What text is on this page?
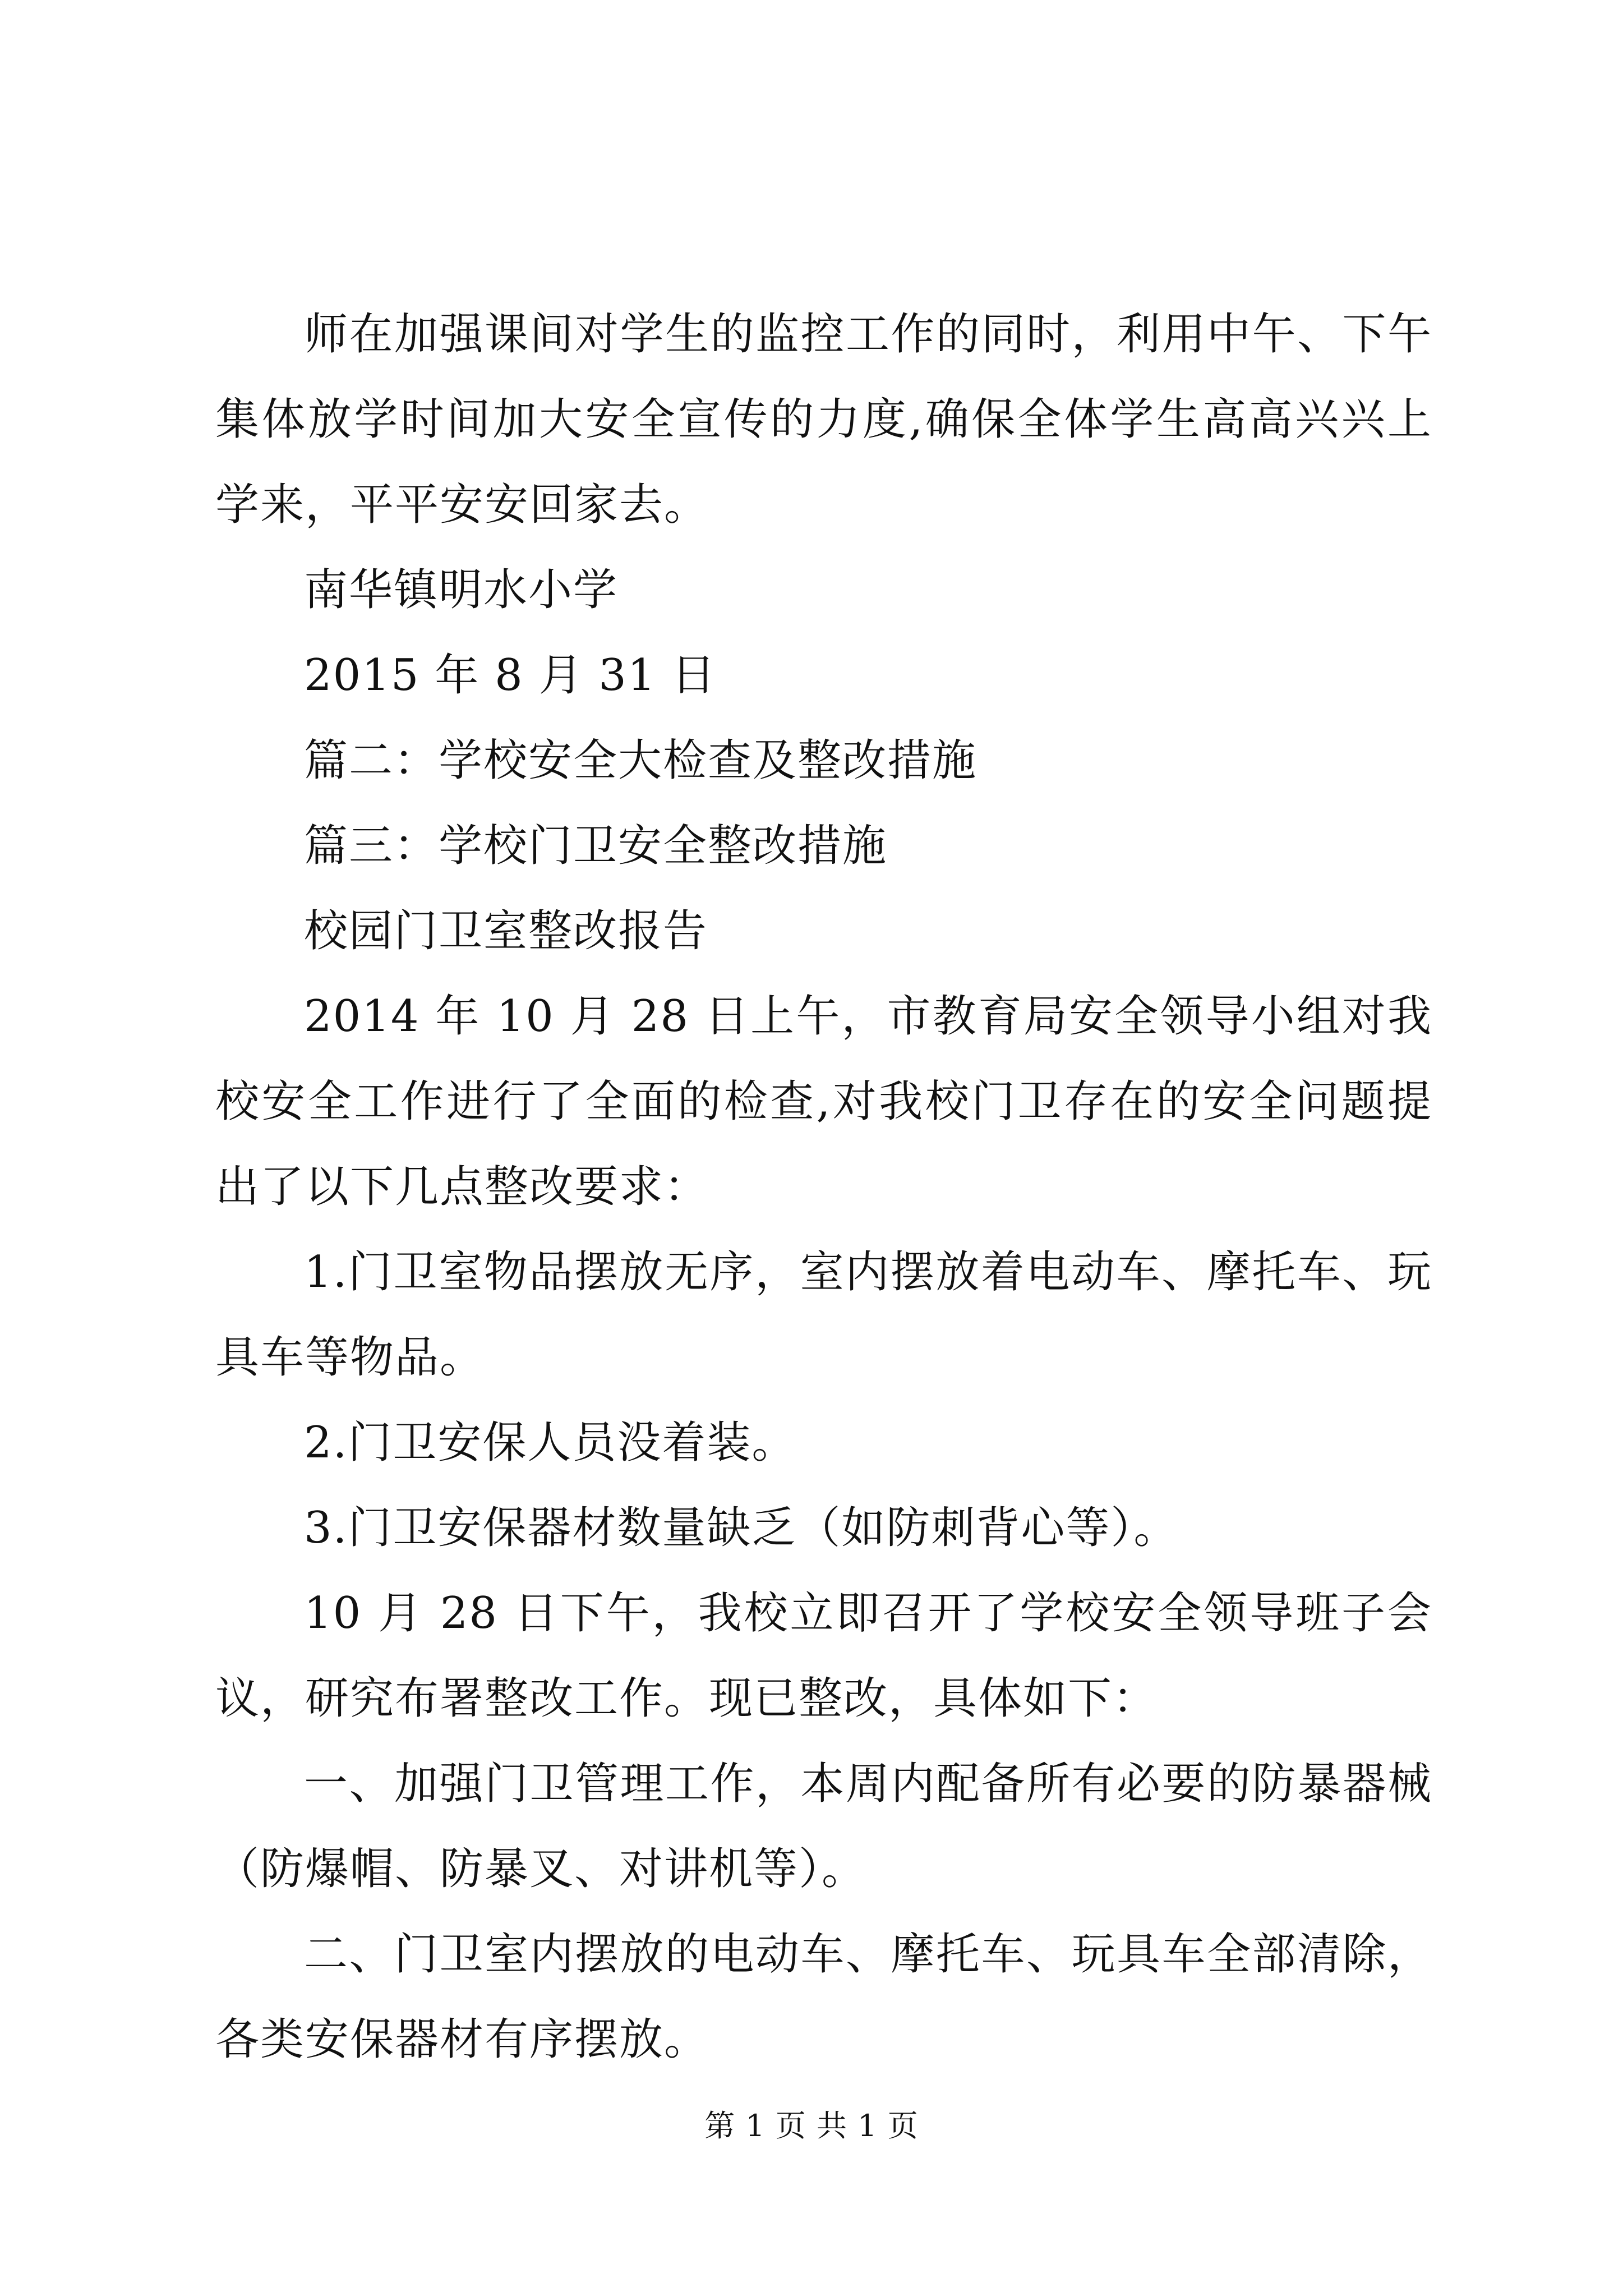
师在加强课间对学生的监控工作的同时，利用中午、下午集体放学时间加大安全宣传的力度,确保全体学生高高兴兴上学来，平平安安回家去。

南华镇明水小学

2015 年 8 月 31 日

篇二：学校安全大检查及整改措施

篇三：学校门卫安全整改措施

校园门卫室整改报告

2014 年 10 月 28 日上午，市教育局安全领导小组对我校安全工作进行了全面的检查,对我校门卫存在的安全问题提出了以下几点整改要求：

1.门卫室物品摆放无序，室内摆放着电动车、摩托车、玩具车等物品。

2.门卫安保人员没着装。

3.门卫安保器材数量缺乏（如防刺背心等）。

10 月 28 日下午，我校立即召开了学校安全领导班子会议，研究布署整改工作。现已整改，具体如下：

一、加强门卫管理工作，本周内配备所有必要的防暴器械（防爆帽、防暴叉、对讲机等）。

二、门卫室内摆放的电动车、摩托车、玩具车全部清除，各类安保器材有序摆放。

第 1 页 共 1 页
